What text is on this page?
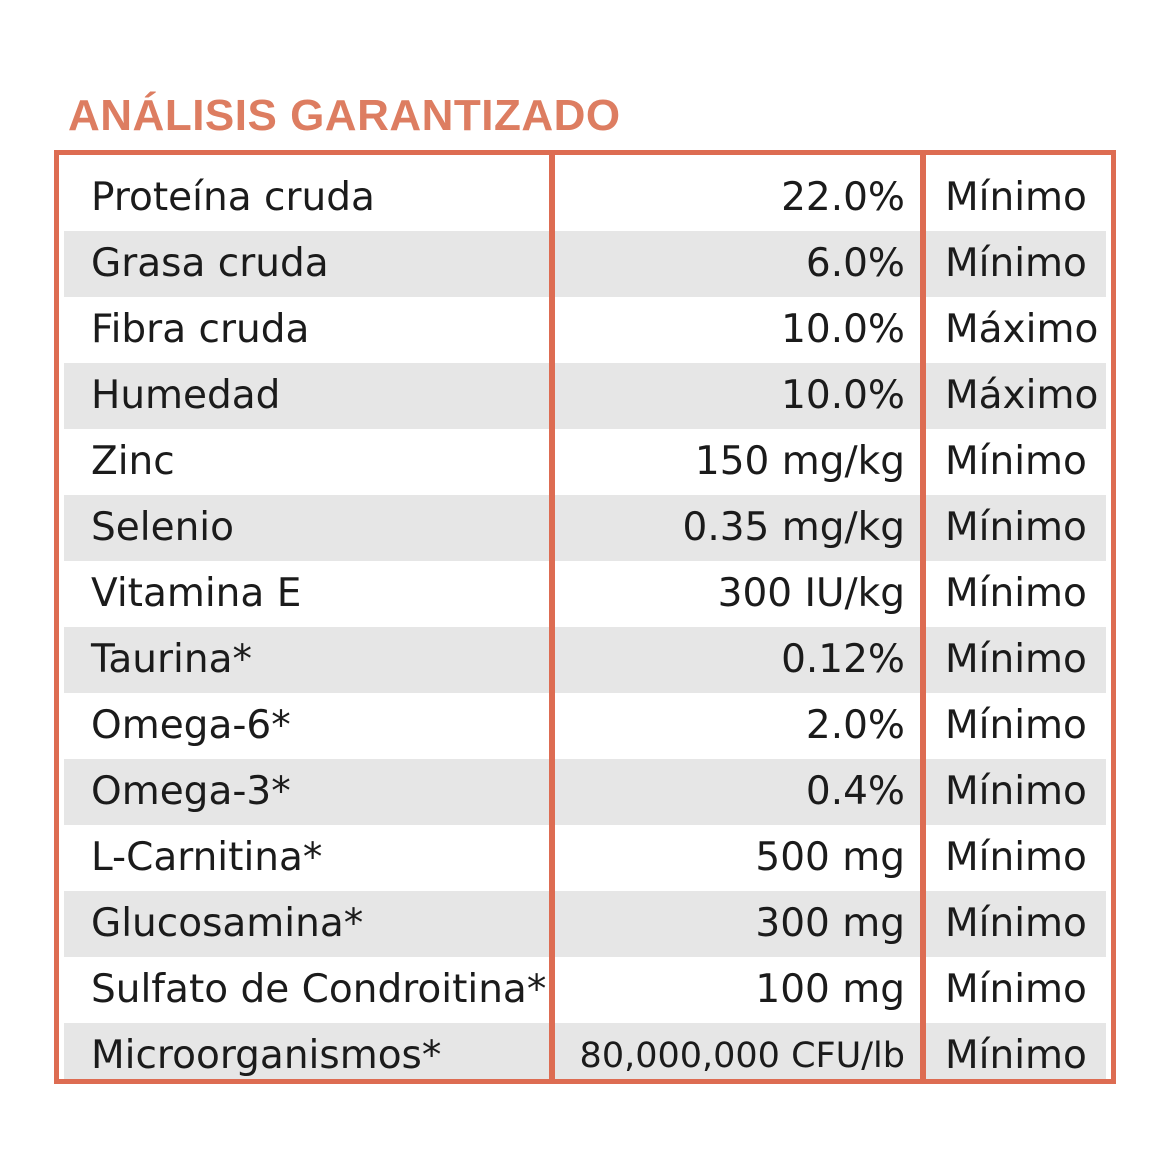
ANÁLISIS GARANTIZADO
Proteína cruda	22.0% Mínimo
Grasa cruda	6.0% Mínimo
Fibra cruda	10.0% Máximo
Humedad	10.0% Máximo
Zinc	150 mg/kg Mínimo
Selenio	0.35 mg/kg Mínimo
Vitamina E	300 IU/kg Mínimo
Taurina*	0.12% Mínimo
Omega-6*	2.0% Mínimo
Omega-3*	0.4% Mínimo
L-Carnitina*	500 mg Mínimo
Glucosamina*	300 mg Mínimo
Sulfato de Condroitina*	100 mg Mínimo
Microorganismos*	80,000,000 CFU/lb Mínimo
